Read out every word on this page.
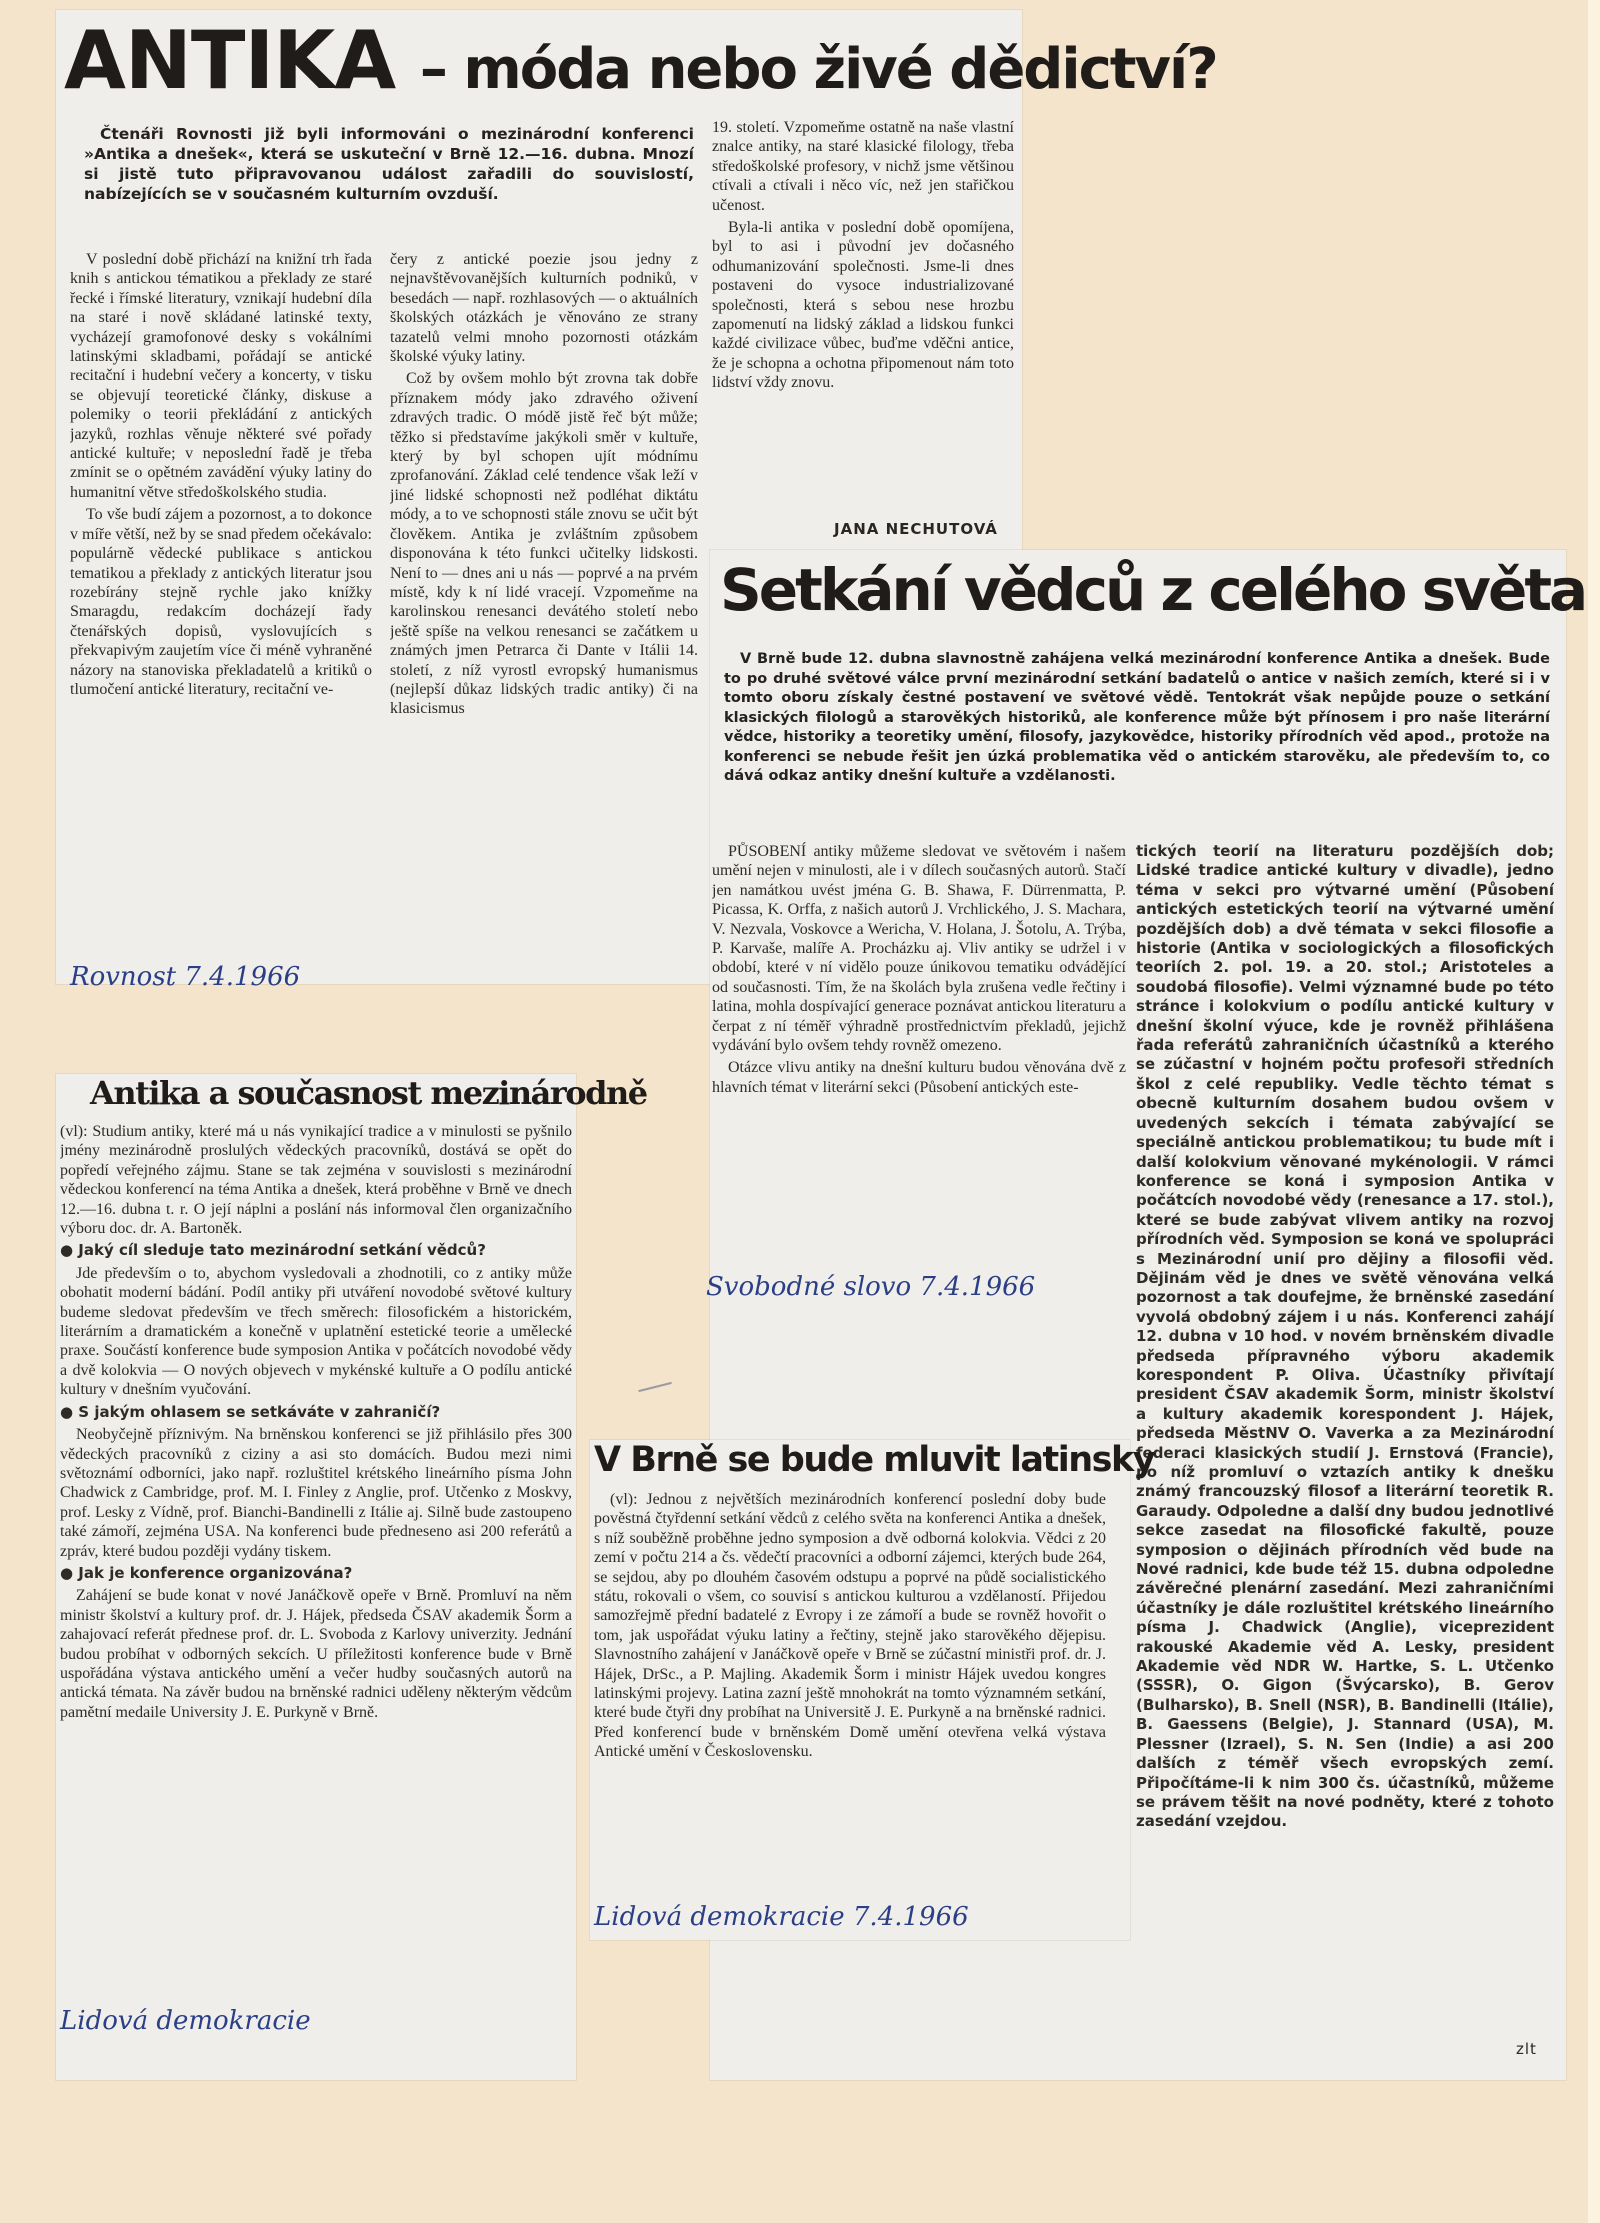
ANTIKA – móda nebo živé dědictví?

Čtenáři Rovnosti již byli informováni o mezinárodní konferenci »Antika a dnešek«, která se uskuteční v Brně 12.—16. dubna. Mnozí si jistě tuto připravovanou událost zařadili do souvislostí, nabízejících se v současném kulturním ovzduší.

V poslední době přichází na knižní trh řada knih s antickou tématikou a překlady ze staré řecké i římské literatury, vznikají hudební díla na staré i nově skládané latinské texty, vycházejí gramofonové desky s vokálními latinskými skladbami, pořádají se antické recitační i hudební večery a koncerty, v tisku se objevují teoretické články, diskuse a polemiky o teorii překládání z antických jazyků, rozhlas věnuje některé své pořady antické kultuře; v neposlední řadě je třeba zmínit se o opětném zavádění výuky latiny do humanitní větve středoškolského studia.

To vše budí zájem a pozornost, a to dokonce v míře větší, než by se snad předem očekávalo: populárně vědecké publikace s antickou tematikou a překlady z antických literatur jsou rozebírány stejně rychle jako knížky Smaragdu, redakcím docházejí řady čtenářských dopisů, vyslovujících s překvapivým zaujetím více či méně vyhraněné názory na stanoviska překladatelů a kritiků o tlumočení antické literatury, recitační ve-

čery z antické poezie jsou jedny z nejnavštěvovanějších kulturních podniků, v besedách — např. rozhlasových — o aktuálních školských otázkách je věnováno ze strany tazatelů velmi mnoho pozornosti otázkám školské výuky latiny.

Což by ovšem mohlo být zrovna tak dobře příznakem módy jako zdravého oživení zdravých tradic. O módě jistě řeč být může; těžko si představíme jakýkoli směr v kultuře, který by byl schopen ujít módnímu zprofanování. Základ celé tendence však leží v jiné lidské schopnosti než podléhat diktátu módy, a to ve schopnosti stále znovu se učit být člověkem. Antika je zvláštním způsobem disponována k této funkci učitelky lidskosti. Není to — dnes ani u nás — poprvé a na prvém místě, kdy k ní lidé vracejí. Vzpomeňme na karolinskou renesanci devátého století nebo ještě spíše na velkou renesanci se začátkem u známých jmen Petrarca či Dante v Itálii 14. století, z níž vyrostl evropský humanismus (nejlepší důkaz lidských tradic antiky) či na klasicismus

19. století. Vzpomeňme ostatně na naše vlastní znalce antiky, na staré klasické filology, třeba středoškolské profesory, v nichž jsme většinou ctívali a ctívali i něco víc, než jen stařičkou učenost.

Byla-li antika v poslední době opomíjena, byl to asi i původní jev dočasného odhumanizování společnosti. Jsme-li dnes postaveni do vysoce industrializované společnosti, která s sebou nese hrozbu zapomenutí na lidský základ a lidskou funkci každé civilizace vůbec, buďme vděčni antice, že je schopna a ochotna připomenout nám toto lidství vždy znovu.

JANA NECHUTOVÁ
Rovnost 7.4.1966
Setkání vědců z celého světa

V Brně bude 12. dubna slavnostně zahájena velká mezinárodní konference Antika a dnešek. Bude to po druhé světové válce první mezinárodní setkání badatelů o antice v našich zemích, které si i v tomto oboru získaly čestné postavení ve světové vědě. Tentokrát však nepůjde pouze o setkání klasických filologů a starověkých historiků, ale konference může být přínosem i pro naše literární vědce, historiky a teoretiky umění, filosofy, jazykovědce, historiky přírodních věd apod., protože na konferenci se nebude řešit jen úzká problematika věd o antickém starověku, ale především to, co dává odkaz antiky dnešní kultuře a vzdělanosti.

PŮSOBENÍ antiky můžeme sledovat ve světovém i našem umění nejen v minulosti, ale i v dílech současných autorů. Stačí jen namátkou uvést jména G. B. Shawa, F. Dürrenmatta, P. Picassa, K. Orffa, z našich autorů J. Vrchlického, J. S. Machara, V. Nezvala, Voskovce a Wericha, V. Holana, J. Šotolu, A. Trýba, P. Karvaše, malíře A. Procházku aj. Vliv antiky se udržel i v období, které v ní vidělo pouze únikovou tematiku odvádějící od současnosti. Tím, že na školách byla zrušena vedle řečtiny i latina, mohla dospívající generace poznávat antickou literaturu a čerpat z ní téměř výhradně prostřednictvím překladů, jejichž vydávání bylo ovšem tehdy rovněž omezeno.

Otázce vlivu antiky na dnešní kulturu budou věnována dvě z hlavních témat v literární sekci (Působení antických este-

tických teorií na literaturu pozdějších dob; Lidské tradice antické kultury v divadle), jedno téma v sekci pro výtvarné umění (Působení antických estetických teorií na výtvarné umění pozdějších dob) a dvě témata v sekci filosofie a historie (Antika v sociologických a filosofických teoriích 2. pol. 19. a 20. stol.; Aristoteles a soudobá filosofie). Velmi významné bude po této stránce i kolokvium o podílu antické kultury v dnešní školní výuce, kde je rovněž přihlášena řada referátů zahraničních účastníků a kterého se zúčastní v hojném počtu profesoři středních škol z celé republiky. Vedle těchto témat s obecně kulturním dosahem budou ovšem v uvedených sekcích i témata zabývající se speciálně antickou problematikou; tu bude mít i další kolokvium věnované mykénologii. V rámci konference se koná i symposion Antika v počátcích novodobé vědy (renesance a 17. stol.), které se bude zabývat vlivem antiky na rozvoj přírodních věd. Symposion se koná ve spolupráci s Mezinárodní unií pro dějiny a filosofii věd. Dějinám věd je dnes ve světě věnována velká pozornost a tak doufejme, že brněnské zasedání vyvolá obdobný zájem i u nás. Konferenci zahájí 12. dubna v 10 hod. v novém brněnském divadle předseda přípravného výboru akademik korespondent P. Oliva. Účastníky přivítají president ČSAV akademik Šorm, ministr školství a kultury akademik korespondent J. Hájek, předseda MěstNV O. Vaverka a za Mezinárodní federaci klasických studií J. Ernstová (Francie), po níž promluví o vztazích antiky k dnešku známý francouzský filosof a literární teoretik R. Garaudy. Odpoledne a další dny budou jednotlivé sekce zasedat na filosofické fakultě, pouze symposion o dějinách přírodních věd bude na Nové radnici, kde bude též 15. dubna odpoledne závěrečné plenární zasedání. Mezi zahraničními účastníky je dále rozluštitel krétského lineárního písma J. Chadwick (Anglie), viceprezident rakouské Akademie věd A. Lesky, president Akademie věd NDR W. Hartke, S. L. Utčenko (SSSR), O. Gigon (Švýcarsko), B. Gerov (Bulharsko), B. Snell (NSR), B. Bandinelli (Itálie), B. Gaessens (Belgie), J. Stannard (USA), M. Plessner (Izrael), S. N. Sen (Indie) a asi 200 dalších z téměř všech evropských zemí. Připočítáme-li k nim 300 čs. účastníků, můžeme se právem těšit na nové podněty, které z tohoto zasedání vzejdou.

zlt
Svobodné slovo 7.4.1966
Antika a současnost mezinárodně

(vl): Studium antiky, které má u nás vynikající tradice a v minulosti se pyšnilo jmény mezinárodně proslulých vědeckých pracovníků, dostává se opět do popředí veřejného zájmu. Stane se tak zejména v souvislosti s mezinárodní vědeckou konferencí na téma Antika a dnešek, která proběhne v Brně ve dnech 12.—16. dubna t. r. O její náplni a poslání nás informoval člen organizačního výboru doc. dr. A. Bartoněk.

● Jaký cíl sleduje tato mezinárodní setkání vědců?

Jde především o to, abychom vysledovali a zhodnotili, co z antiky může obohatit moderní bádání. Podíl antiky při utváření novodobé světové kultury budeme sledovat především ve třech směrech: filosofickém a historickém, literárním a dramatickém a konečně v uplatnění estetické teorie a umělecké praxe. Součástí konference bude symposion Antika v počátcích novodobé vědy a dvě kolokvia — O nových objevech v mykénské kultuře a O podílu antické kultury v dnešním vyučování.

● S jakým ohlasem se setkáváte v zahraničí?

Neobyčejně příznivým. Na brněnskou konferenci se již přihlásilo přes 300 vědeckých pracovníků z ciziny a asi sto domácích. Budou mezi nimi světoznámí odborníci, jako např. rozluštitel krétského lineárního písma John Chadwick z Cambridge, prof. M. I. Finley z Anglie, prof. Utčenko z Moskvy, prof. Lesky z Vídně, prof. Bianchi-Bandinelli z Itálie aj. Silně bude zastoupeno také zámoří, zejména USA. Na konferenci bude předneseno asi 200 referátů a zpráv, které budou později vydány tiskem.

● Jak je konference organizována?

Zahájení se bude konat v nové Janáčkově opeře v Brně. Promluví na něm ministr školství a kultury prof. dr. J. Hájek, předseda ČSAV akademik Šorm a zahajovací referát přednese prof. dr. L. Svoboda z Karlovy univerzity. Jednání budou probíhat v odborných sekcích. U příležitosti konference bude v Brně uspořádána výstava antického umění a večer hudby současných autorů na antická témata. Na závěr budou na brněnské radnici uděleny některým vědcům pamětní medaile University J. E. Purkyně v Brně.

Lidová demokracie
V Brně se bude mluvit latinsky

(vl): Jednou z největších mezinárodních konferencí poslední doby bude pověstná čtyřdenní setkání vědců z celého světa na konferenci Antika a dnešek, s níž souběžně proběhne jedno symposion a dvě odborná kolokvia. Vědci z 20 zemí v počtu 214 a čs. vědečtí pracovníci a odborní zájemci, kterých bude 264, se sejdou, aby po dlouhém časovém odstupu a poprvé na půdě socialistického státu, rokovali o všem, co souvisí s antickou kulturou a vzdělaností. Přijedou samozřejmě přední badatelé z Evropy i ze zámoří a bude se rovněž hovořit o tom, jak uspořádat výuku latiny a řečtiny, stejně jako starověkého dějepisu. Slavnostního zahájení v Janáčkově opeře v Brně se zúčastní ministři prof. dr. J. Hájek, DrSc., a P. Majling. Akademik Šorm i ministr Hájek uvedou kongres latinskými projevy. Latina zazní ještě mnohokrát na tomto významném setkání, které bude čtyři dny probíhat na Universitě J. E. Purkyně a na brněnské radnici. Před konferencí bude v brněnském Domě umění otevřena velká výstava Antické umění v Československu.

Lidová demokracie 7.4.1966
